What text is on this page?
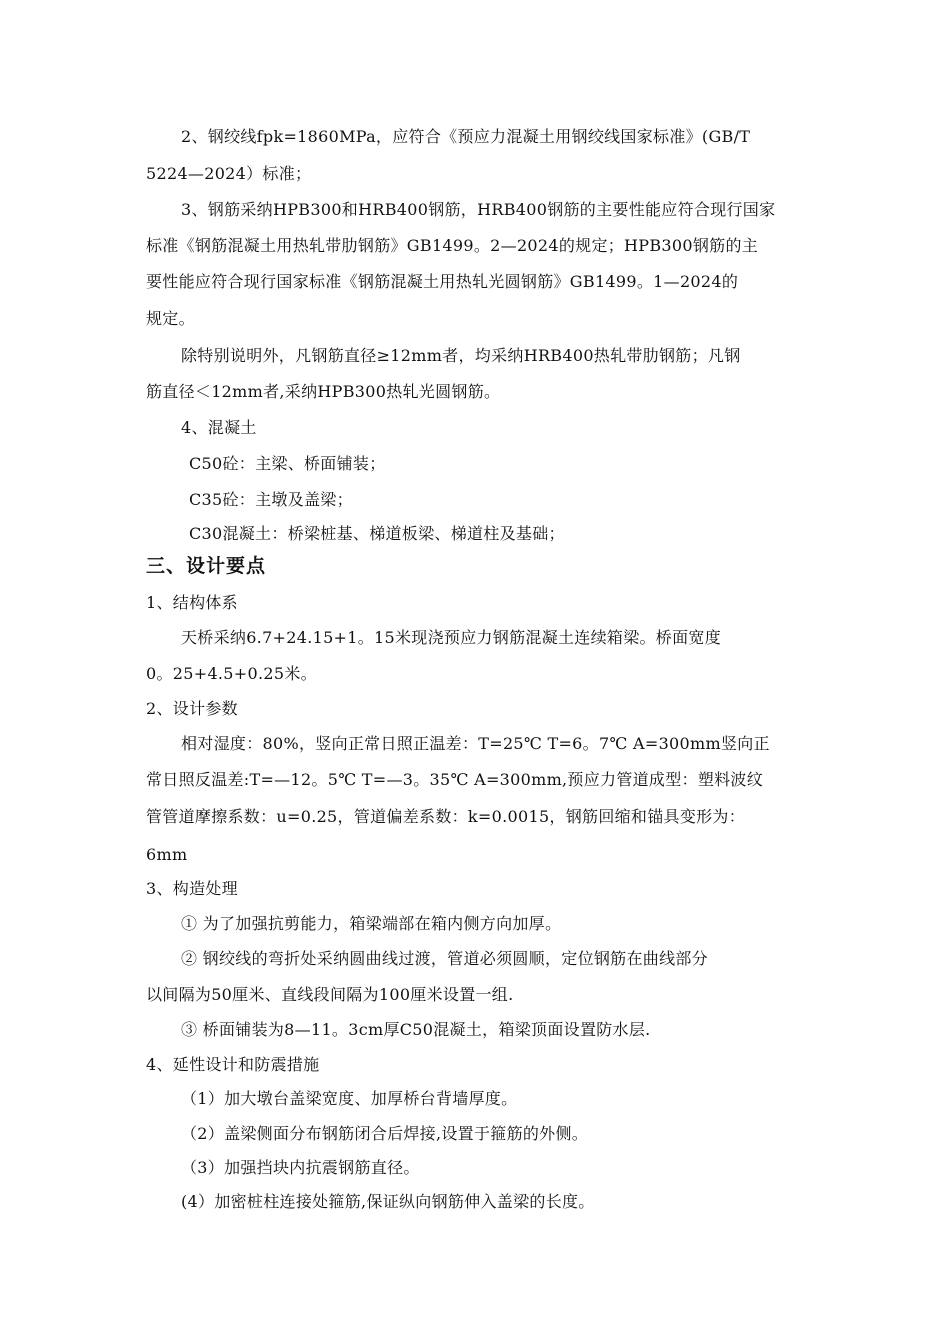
2、钢绞线fpk=1860MPa，应符合《预应力混凝土用钢绞线国家标准》(GB/T
5224—2024）标准；
3、钢筋采纳HPB300和HRB400钢筋，HRB400钢筋的主要性能应符合现行国家
标准《钢筋混凝土用热轧带肋钢筋》GB1499。2—2024的规定；HPB300钢筋的主
要性能应符合现行国家标准《钢筋混凝土用热轧光圆钢筋》GB1499。1—2024的
规定。
除特别说明外，凡钢筋直径≥12mm者，均采纳HRB400热轧带肋钢筋；凡钢
筋直径＜12mm者,采纳HPB300热轧光圆钢筋。
4、混凝土
C50砼：主梁、桥面铺装；
C35砼：主墩及盖梁；
C30混凝土：桥梁桩基、梯道板梁、梯道柱及基础；
三、设计要点
1、结构体系
天桥采纳6.7+24.15+1。15米现浇预应力钢筋混凝土连续箱梁。桥面宽度
0。25+4.5+0.25米。
2、设计参数
相对湿度：80%，竖向正常日照正温差：T=25℃ T=6。7℃ A=300mm竖向正
常日照反温差:T=—12。5℃ T=—3。35℃ A=300mm,预应力管道成型：塑料波纹
管管道摩擦系数：u=0.25，管道偏差系数：k=0.0015，钢筋回缩和锚具变形为：
6mm
3、构造处理
① 为了加强抗剪能力，箱梁端部在箱内侧方向加厚。
② 钢绞线的弯折处采纳圆曲线过渡，管道必须圆顺，定位钢筋在曲线部分
以间隔为50厘米、直线段间隔为100厘米设置一组.
③ 桥面铺装为8—11。3cm厚C50混凝土，箱梁顶面设置防水层.
4、延性设计和防震措施
（1）加大墩台盖梁宽度、加厚桥台背墙厚度。
（2）盖梁侧面分布钢筋闭合后焊接,设置于箍筋的外侧。
（3）加强挡块内抗震钢筋直径。
(4）加密桩柱连接处箍筋,保证纵向钢筋伸入盖梁的长度。
